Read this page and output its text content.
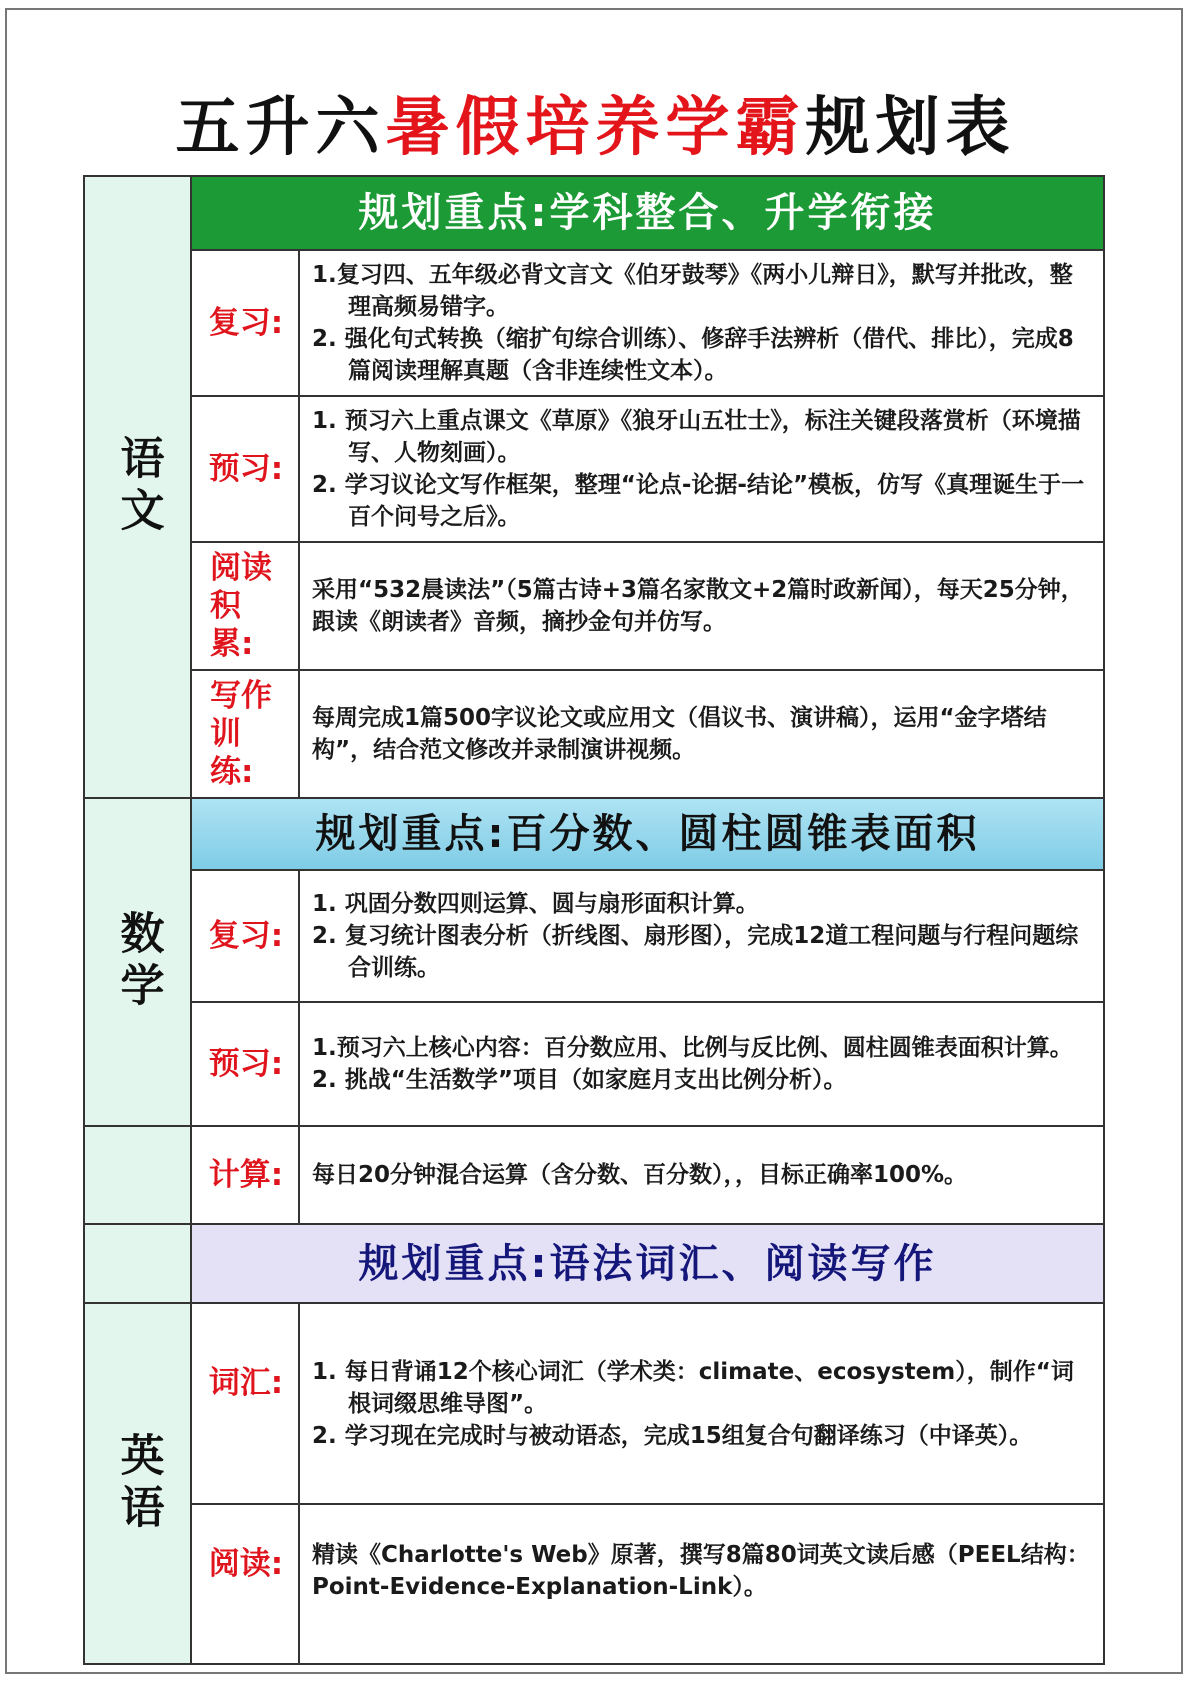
五升六暑假培养学霸规划表
语文
规划重点:学科整合、升学衔接
复习:
1.复习四、五年级必背文言文《伯牙鼓琴》《两小儿辩日》，默写并批改，整理高频易错字。
2. 强化句式转换（缩扩句综合训练）、修辞手法辨析（借代、排比），完成8篇阅读理解真题（含非连续性文本）。
预习:
1. 预习六上重点课文《草原》《狼牙山五壮士》，标注关键段落赏析（环境描写、人物刻画）。
2. 学习议论文写作框架，整理“论点-论据-结论”模板，仿写《真理诞生于一百个问号之后》。
阅读积累:
采用“532晨读法”（5篇古诗+3篇名家散文+2篇时政新闻），每天25分钟，跟读《朗读者》音频，摘抄金句并仿写。
写作训练:
每周完成1篇500字议论文或应用文（倡议书、演讲稿），运用“金字塔结构”，结合范文修改并录制演讲视频。
数学
规划重点:百分数、圆柱圆锥表面积
复习:
1. 巩固分数四则运算、圆与扇形面积计算。
2. 复习统计图表分析（折线图、扇形图），完成12道工程问题与行程问题综合训练。
预习: 1.预习六上核心内容：百分数应用、比例与反比例、圆柱圆锥表面积计算。
2. 挑战“生活数学”项目（如家庭月支出比例分析）。
计算: 每日20分钟混合运算（含分数、百分数），，目标正确率100%。
规划重点:语法词汇、阅读写作
英语
词汇: 1. 每日背诵12个核心词汇（学术类：climate、ecosystem），制作“词根词缀思维导图”。
2. 学习现在完成时与被动语态，完成15组复合句翻译练习（中译英）。
阅读: 精读《Charlotte's Web》原著，撰写8篇80词英文读后感（PEEL结构：Point-Evidence-Explanation-Link）。
